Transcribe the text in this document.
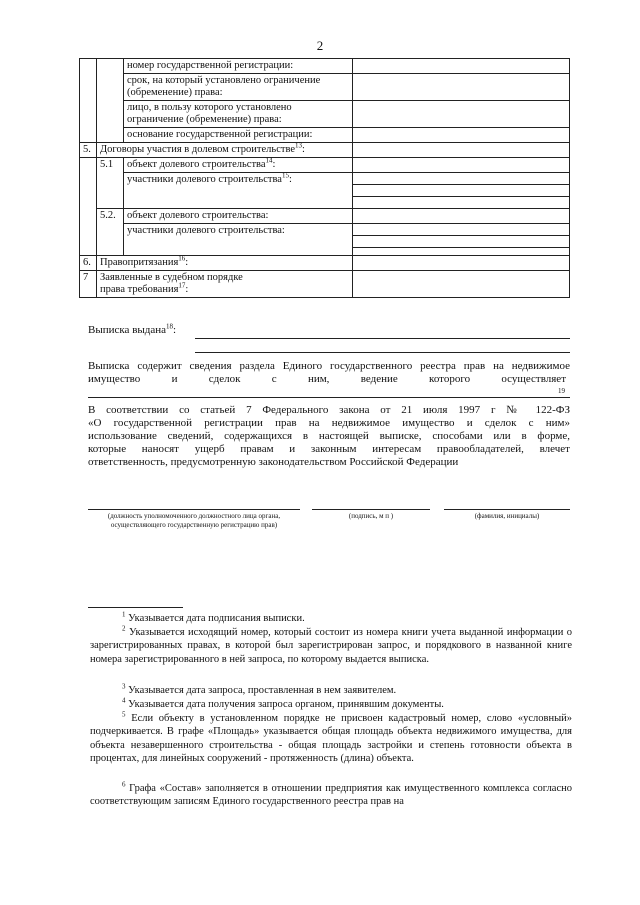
2
		номер государственной регистрации:	
		срок, на который установлено ограничение (обременение) права:	
		лицо, в пользу которого установлено ограничение (обременение) права:	
		основание государственной регистрации:	
5.	Договоры участия в долевом строительстве$^{13}$:		
	5.1	объект долевого строительства$^{14}$:	
		участники долевого строительства$^{15}$:	

	5.2.	объект долевого строительства:	
		участники долевого строительства:	

6.	Правопритязания$^{16}$:		
7	Заявленные в судебном порядке
права требования$^{17}$:		
Выписка выдана$^{18}$:
Выписка содержит сведения раздела Единого государственного реестра прав на недвижимое
имущество и сделок с ним, ведение которого осуществляет
19
В соответствии со статьей 7 Федерального закона от 21 июля 1997 г № 122-ФЗ
«О государственной регистрации прав на недвижимое имущество и сделок с ним»
использование сведений, содержащихся в настоящей выписке, способами или в форме,
которые наносят ущерб правам и законным интересам правообладателей, влечет
ответственность, предусмотренную законодательством Российской Федерации
(должность уполномоченного должностного лица органа,
осуществляющего государственную регистрацию прав)
(подпись, м п )	(фамилия, инициалы)
$^1$ Указывается дата подписания выписки.
$^2$ Указывается исходящий номер, который состоит из номера книги учета выданной информации о зарегистрированных правах, в которой был зарегистрирован запрос, и порядкового в названной книге номера зарегистрированного в ней запроса, по которому выдается выписка.
$^3$ Указывается дата запроса, проставленная в нем заявителем.
$^4$ Указывается дата получения запроса органом, принявшим документы.
$^5$ Если объекту в установленном порядке не присвоен кадастровый номер, слово «условный» подчеркивается. В графе «Площадь» указывается общая площадь объекта недвижимого имущества, для объекта незавершенного строительства - общая площадь застройки и степень готовности объекта в процентах, для линейных сооружений - протяженность (длина) объекта.
$^6$ Графа «Состав» заполняется в отношении предприятия как имущественного комплекса согласно соответствующим записям Единого государственного реестра прав на
